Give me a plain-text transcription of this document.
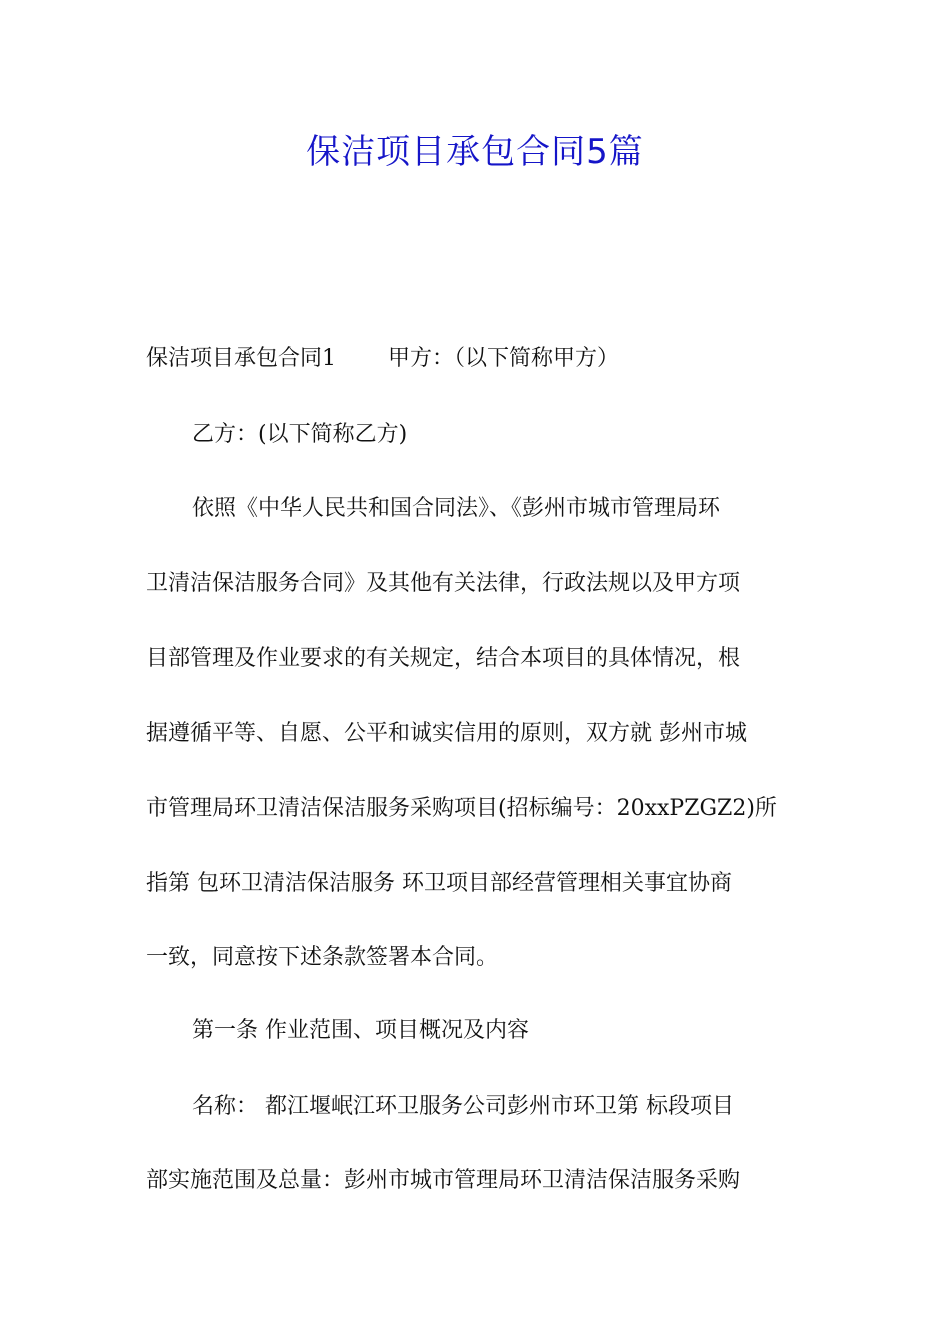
保洁项目承包合同5篇
保洁项目承包合同1 甲方：（以下简称甲方）
乙方：(以下简称乙方)
依照《中华人民共和国合同法》、《彭州市城市管理局环
卫清洁保洁服务合同》及其他有关法律，行政法规以及甲方项
目部管理及作业要求的有关规定，结合本项目的具体情况，根
据遵循平等、自愿、公平和诚实信用的原则，双方就 彭州市城
市管理局环卫清洁保洁服务采购项目(招标编号：20xxPZGZ2)所
指第 包环卫清洁保洁服务 环卫项目部经营管理相关事宜协商
一致，同意按下述条款签署本合同。
第一条 作业范围、项目概况及内容
名称： 都江堰岷江环卫服务公司彭州市环卫第 标段项目
部实施范围及总量：彭州市城市管理局环卫清洁保洁服务采购
